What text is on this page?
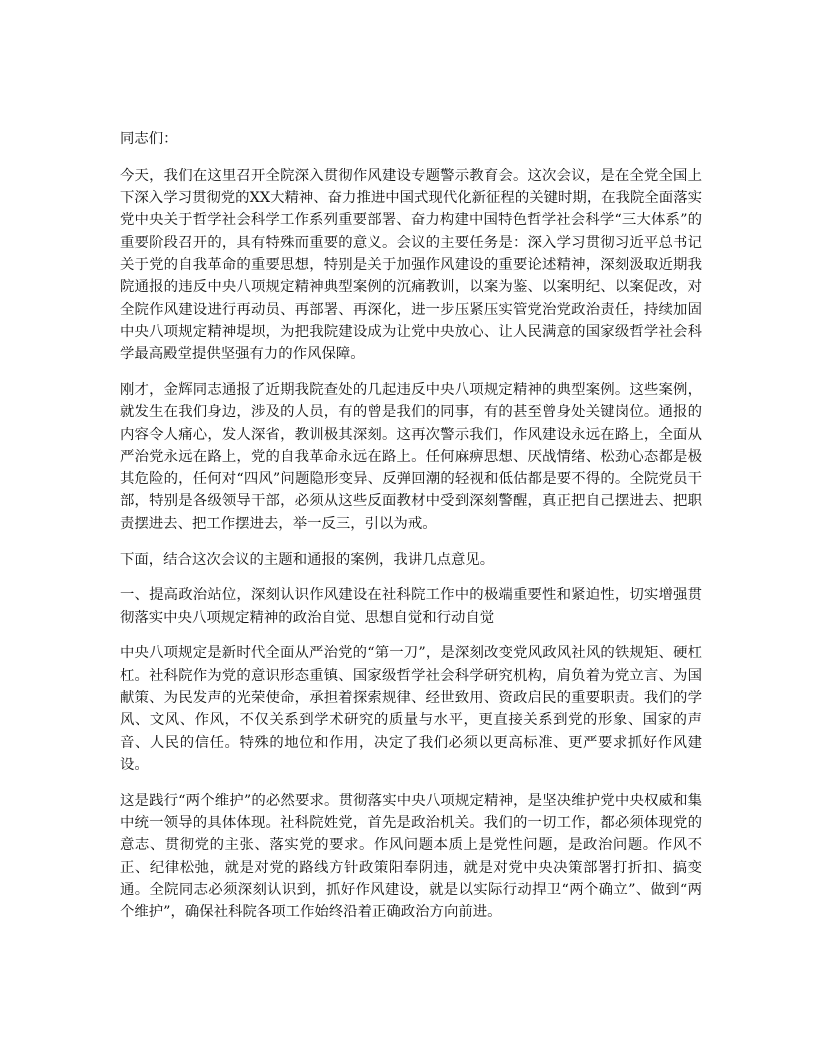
同志们：

今天，我们在这里召开全院深入贯彻作风建设专题警示教育会。这次会议，是在全党全国上下深入学习贯彻党的XX大精神、奋力推进中国式现代化新征程的关键时期，在我院全面落实党中央关于哲学社会科学工作系列重要部署、奋力构建中国特色哲学社会科学“三大体系”的重要阶段召开的，具有特殊而重要的意义。会议的主要任务是：深入学习贯彻习近平总书记关于党的自我革命的重要思想，特别是关于加强作风建设的重要论述精神，深刻汲取近期我院通报的违反中央八项规定精神典型案例的沉痛教训，以案为鉴、以案明纪、以案促改，对全院作风建设进行再动员、再部署、再深化，进一步压紧压实管党治党政治责任，持续加固中央八项规定精神堤坝，为把我院建设成为让党中央放心、让人民满意的国家级哲学社会科学最高殿堂提供坚强有力的作风保障。

刚才，金辉同志通报了近期我院查处的几起违反中央八项规定精神的典型案例。这些案例，就发生在我们身边，涉及的人员，有的曾是我们的同事，有的甚至曾身处关键岗位。通报的内容令人痛心，发人深省，教训极其深刻。这再次警示我们，作风建设永远在路上，全面从严治党永远在路上，党的自我革命永远在路上。任何麻痹思想、厌战情绪、松劲心态都是极其危险的，任何对“四风”问题隐形变异、反弹回潮的轻视和低估都是要不得的。全院党员干部，特别是各级领导干部，必须从这些反面教材中受到深刻警醒，真正把自己摆进去、把职责摆进去、把工作摆进去，举一反三，引以为戒。

下面，结合这次会议的主题和通报的案例，我讲几点意见。

一、提高政治站位，深刻认识作风建设在社科院工作中的极端重要性和紧迫性，切实增强贯彻落实中央八项规定精神的政治自觉、思想自觉和行动自觉

中央八项规定是新时代全面从严治党的“第一刀”，是深刻改变党风政风社风的铁规矩、硬杠杠。社科院作为党的意识形态重镇、国家级哲学社会科学研究机构，肩负着为党立言、为国献策、为民发声的光荣使命，承担着探索规律、经世致用、资政启民的重要职责。我们的学风、文风、作风，不仅关系到学术研究的质量与水平，更直接关系到党的形象、国家的声音、人民的信任。特殊的地位和作用，决定了我们必须以更高标准、更严要求抓好作风建设。

这是践行“两个维护”的必然要求。贯彻落实中央八项规定精神，是坚决维护党中央权威和集中统一领导的具体体现。社科院姓党，首先是政治机关。我们的一切工作，都必须体现党的意志、贯彻党的主张、落实党的要求。作风问题本质上是党性问题，是政治问题。作风不正、纪律松弛，就是对党的路线方针政策阳奉阴违，就是对党中央决策部署打折扣、搞变通。全院同志必须深刻认识到，抓好作风建设，就是以实际行动捍卫“两个确立”、做到“两个维护”，确保社科院各项工作始终沿着正确政治方向前进。
